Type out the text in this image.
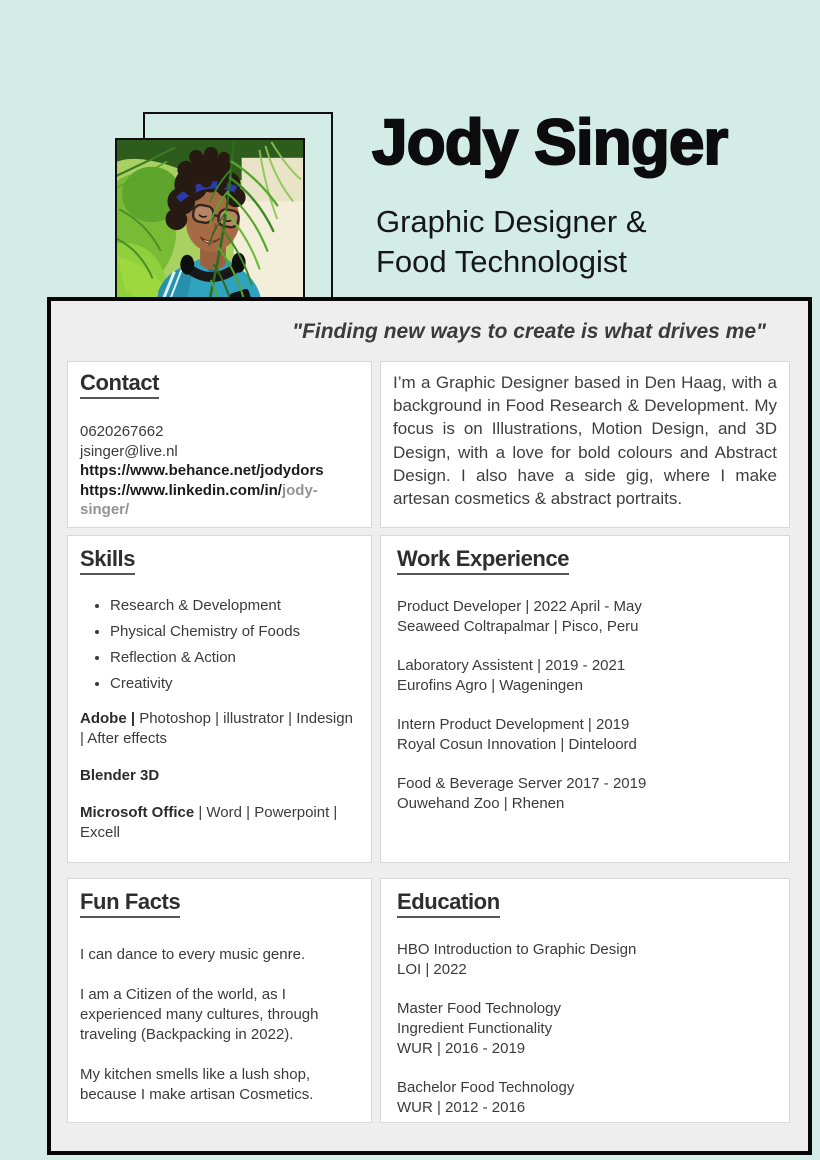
Jody Singer
Graphic Designer &
Food Technologist
"Finding new ways to create is what drives me"
Contact
0620267662
jsinger@live.nl
https://www.behance.net/jodydors
https://www.linkedin.com/in/jody-singer/
I’m a Graphic Designer based in Den Haag, with a background in Food Research & Development. My focus is on Illustrations, Motion Design, and 3D Design, with a love for bold colours and Abstract Design. I also have a side gig, where I make artesan cosmetics & abstract portraits.
Skills
• Research & Development
• Physical Chemistry of Foods
• Reflection & Action
• Creativity
Adobe | Photoshop | illustrator | Indesign | After effects
Blender 3D
Microsoft Office | Word | Powerpoint | Excell
Work Experience
Product Developer | 2022 April - May
Seaweed Coltrapalmar | Pisco, Peru
Laboratory Assistent | 2019 - 2021
Eurofins Agro | Wageningen
Intern Product Development | 2019
Royal Cosun Innovation | Dinteloord
Food & Beverage Server 2017 - 2019
Ouwehand Zoo | Rhenen
Fun Facts
I can dance to every music genre.
I am a Citizen of the world, as I experienced many cultures, through traveling (Backpacking in 2022).
My kitchen smells like a lush shop, because I make artisan Cosmetics.
Education
HBO Introduction to Graphic Design
LOI | 2022
Master Food Technology
Ingredient Functionality
WUR | 2016 - 2019
Bachelor Food Technology
WUR | 2012 - 2016
